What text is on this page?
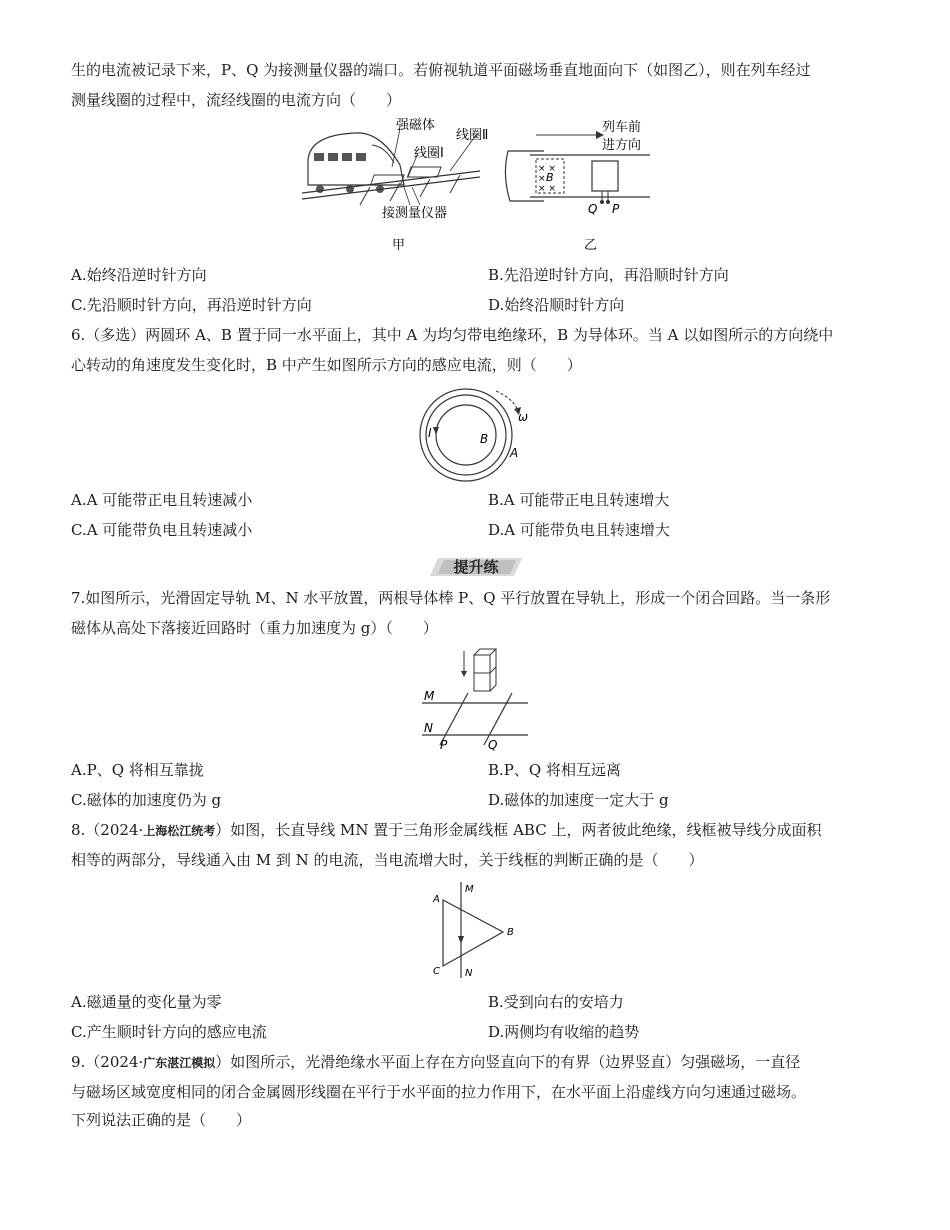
生的电流被记录下来，P、Q 为接测量仪器的端口。若俯视轨道平面磁场垂直地面向下（如图乙），则在列车经过
测量线圈的过程中，流经线圈的电流方向（　　）
强磁体
线圈Ⅱ
线圈Ⅰ
接测量仪器
甲
列车前
进方向
× ×
×
× ×
B
Q P
乙
A.始终沿逆时针方向	B.先沿逆时针方向，再沿顺时针方向
C.先沿顺时针方向，再沿逆时针方向	D.始终沿顺时针方向
6.（多选）两圆环 A、B 置于同一水平面上，其中 A 为均匀带电绝缘环，B 为导体环。当 A 以如图所示的方向绕中
心转动的角速度发生变化时，B 中产生如图所示方向的感应电流，则（　　）
ω
I	B
A
A.A 可能带正电且转速减小	B.A 可能带正电且转速增大
C.A 可能带负电且转速减小	D.A 可能带负电且转速增大
提升练
7.如图所示，光滑固定导轨 M、N 水平放置，两根导体棒 P、Q 平行放置在导轨上，形成一个闭合回路。当一条形
磁体从高处下落接近回路时（重力加速度为 g）（　　）
M
N
P	Q
A.P、Q 将相互靠拢	B.P、Q 将相互远离
C.磁体的加速度仍为 g	D.磁体的加速度一定大于 g
8.（2024·上海松江统考）如图，长直导线 MN 置于三角形金属线框 ABC 上，两者彼此绝缘，线框被导线分成面积
相等的两部分，导线通入由 M 到 N 的电流，当电流增大时，关于线框的判断正确的是（　　）
M
N
A
B
C
A.磁通量的变化量为零	B.受到向右的安培力
C.产生顺时针方向的感应电流	D.两侧均有收缩的趋势
9.（2024·广东湛江模拟）如图所示，光滑绝缘水平面上存在方向竖直向下的有界（边界竖直）匀强磁场，一直径
与磁场区域宽度相同的闭合金属圆形线圈在平行于水平面的拉力作用下，在水平面上沿虚线方向匀速通过磁场。
下列说法正确的是（　　）
